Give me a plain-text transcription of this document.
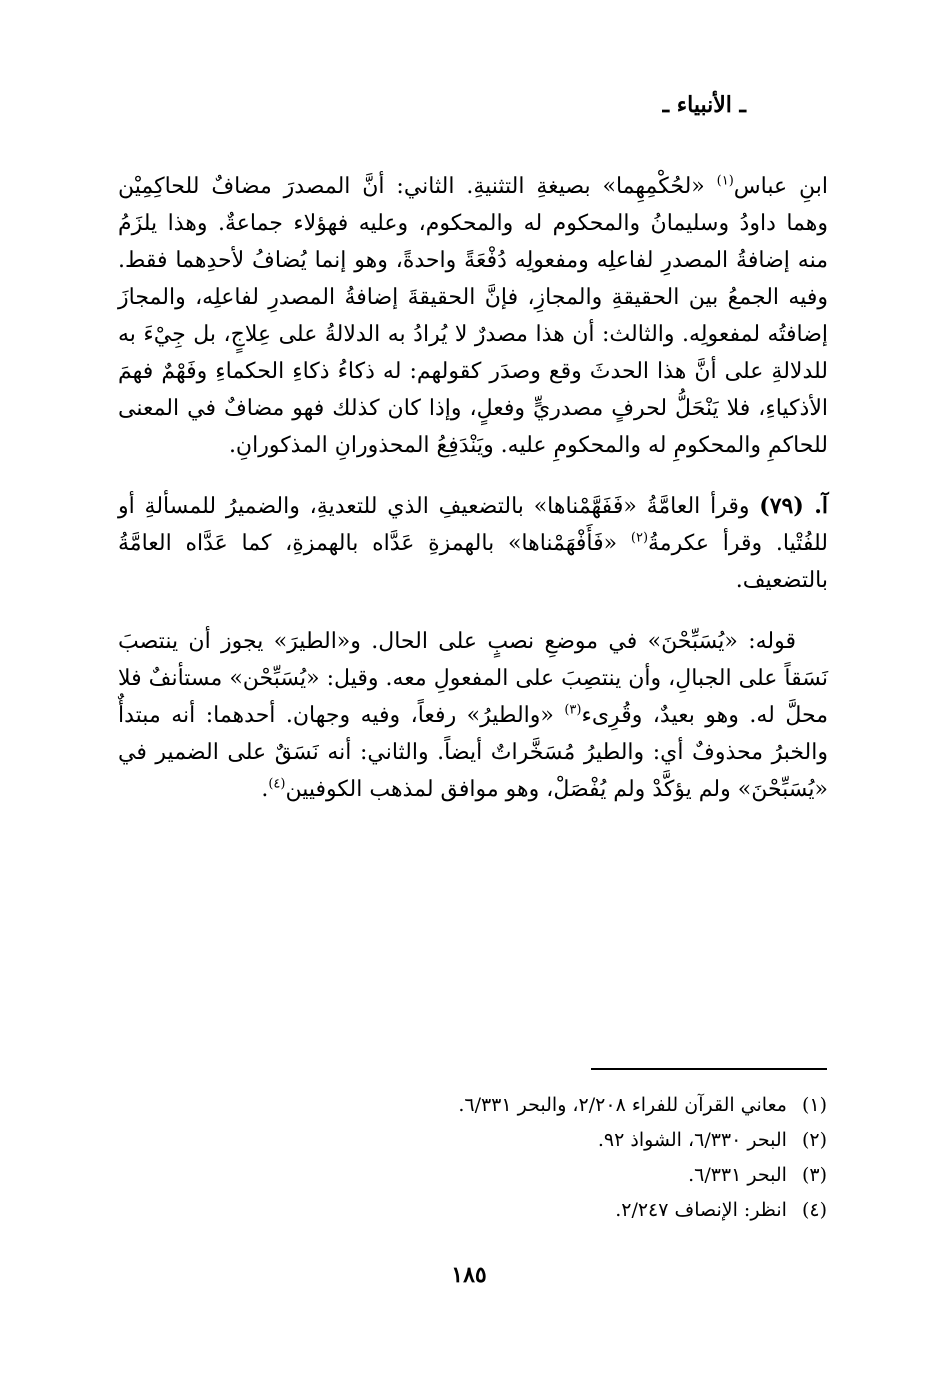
ـ الأنبياء ـ

ابنِ عباس$^{(١)}$ «لحُكْمِهِما» بصيغةِ التثنيةِ. الثاني: أنَّ المصدرَ مضافٌ للحاكِمِيْن وهما داودُ وسليمانُ والمحكوم له والمحكوم، وعليه فهؤلاء جماعةٌ. وهذا يلزَمُ منه إضافةُ المصدرِ لفاعلِه ومفعولِه دُفْعَةً واحدةً، وهو إنما يُضافُ لأحدِهما فقط. وفيه الجمعُ بين الحقيقةِ والمجازِ، فإنَّ الحقيقةَ إضافةُ المصدرِ لفاعلِه، والمجازَ إضافتُه لمفعولِه. والثالث: أن هذا مصدرٌ لا يُرادُ به الدلالةُ على عِلاجٍ، بل جِيْءَ به للدلالةِ على أنَّ هذا الحدثَ وقع وصدَر كقولهم: له ذكاءُ ذكاءِ الحكماءِ وفَهْمٌ فهمَ الأذكياءِ، فلا يَنْحَلُّ لحرفٍ مصدريٍّ وفعلٍ، وإذا كان كذلك فهو مضافٌ في المعنى للحاكمِ والمحكومِ له والمحكومِ عليه. ويَنْدَفِعُ المحذورانِ المذكورانِ.

آ. (٧٩) وقرأ العامَّةُ «فَفَهَّمْناها» بالتضعيفِ الذي للتعديةِ، والضميرُ للمسألةِ أو للفُتْيا. وقرأ عكرمةُ$^{(٢)}$ «فَأَفْهَمْناها» بالهمزةِ عَدَّاه بالهمزةِ، كما عَدَّاه العامَّةُ بالتضعيف.

قوله: «يُسَبِّحْنَ» في موضعِ نصبٍ على الحال. و«الطيرَ» يجوز أن ينتصبَ نَسَقاً على الجبالِ، وأن ينتصِبَ على المفعولِ معه. وقيل: «يُسَبِّحْن» مستأنفٌ فلا محلَّ له. وهو بعيدٌ، وقُرِىء$^{(٣)}$ «والطيرُ» رفعاً، وفيه وجهان. أحدهما: أنه مبتدأٌ والخبرُ محذوفٌ أي: والطيرُ مُسَخَّراتٌ أيضاً. والثاني: أنه نَسَقٌ على الضمير في «يُسَبِّحْنَ» ولم يؤكَّدْ ولم يُفْصَلْ، وهو موافق لمذهب الكوفيين$^{(٤)}$.

(١) معاني القرآن للفراء ٢/٢٠٨، والبحر ٦/٣٣١.

(٢) البحر ٦/٣٣٠، الشواذ ٩٢.

(٣) البحر ٦/٣٣١.

(٤) انظر: الإنصاف ٢/٢٤٧.

١٨٥
